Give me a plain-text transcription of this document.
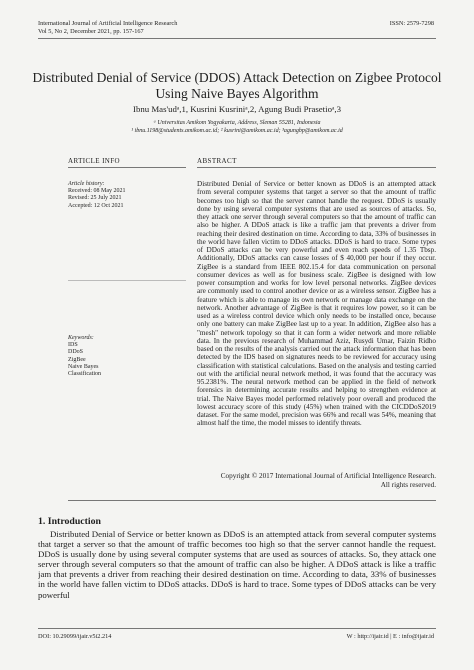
International Journal of Artificial Intelligence Research
Vol 5, No 2, December 2021, pp. 157-167
ISSN: 2579-7298
Distributed Denial of Service (DDOS) Attack Detection on Zigbee Protocol Using Naive Bayes Algorithm
Ibnu Mas'udᵃ,1, Kusrini Kusriniᵃ,2, Agung Budi Prasetioᵃ,3
ᵃ Universitas Amikom Yogyakarta, Address, Sleman 55281, Indonesia
¹ ibnu.1198@students.amikom.ac.id; ² kusrini@amikom.ac.id; ³agungbp@amikom.ac.id
ARTICLE INFO	ABSTRACT
Article history:
Received: 08 May 2021
Revised: 25 July 2021
Accepted: 12 Oct 2021
Keywords:
IDS
DDoS
ZigBee
Naive Bayes
Classification
Distributed Denial of Service or better known as DDoS is an attempted attack from several computer systems that target a server so that the amount of traffic becomes too high so that the server cannot handle the request. DDoS is usually done by using several computer systems that are used as sources of attacks. So, they attack one server through several computers so that the amount of traffic can also be higher. A DDoS attack is like a traffic jam that prevents a driver from reaching their desired destination on time. According to data, 33% of businesses in the world have fallen victim to DDoS attacks. DDoS is hard to trace. Some types of DDoS attacks can be very powerful and even reach speeds of 1.35 Tbsp. Additionally, DDoS attacks can cause losses of $ 40,000 per hour if they occur. ZigBee is a standard from IEEE 802.15.4 for data communication on personal consumer devices as well as for business scale. ZigBee is designed with low power consumption and works for low level personal networks. ZigBee devices are commonly used to control another device or as a wireless sensor. ZigBee has a feature which is able to manage its own network or manage data exchange on the network. Another advantage of ZigBee is that it requires low power, so it can be used as a wireless control device which only needs to be installed once, because only one battery can make ZigBee last up to a year. In addition, ZigBee also has a "mesh" network topology so that it can form a wider network and more reliable data. In the previous research of Muhammad Aziz, Rusydi Umar, Faizin Ridho based on the results of the analysis carried out the attack information that has been detected by the IDS based on signatures needs to be reviewed for accuracy using classification with statistical calculations. Based on the analysis and testing carried out with the artificial neural network method, it was found that the accuracy was 95.2381%. The neural network method can be applied in the field of network forensics in determining accurate results and helping to strengthen evidence at trial. The Naive Bayes model performed relatively poor overall and produced the lowest accuracy score of this study (45%) when trained with the CICDDoS2019 dataset. For the same model, precision was 66% and recall was 54%, meaning that almost half the time, the model misses to identify threats.
Copyright © 2017 International Journal of Artificial Intelligence Research.
All rights reserved.
1. Introduction
Distributed Denial of Service or better known as DDoS is an attempted attack from several computer systems that target a server so that the amount of traffic becomes too high so that the server cannot handle the request. DDoS is usually done by using several computer systems that are used as sources of attacks. So, they attack one server through several computers so that the amount of traffic can also be higher. A DDoS attack is like a traffic jam that prevents a driver from reaching their desired destination on time. According to data, 33% of businesses in the world have fallen victim to DDoS attacks. DDoS is hard to trace. Some types of DDoS attacks can be very powerful
DOI: 10.29099/ijair.v5i2.214	W : http://ijair.id | E : info@ijair.id
